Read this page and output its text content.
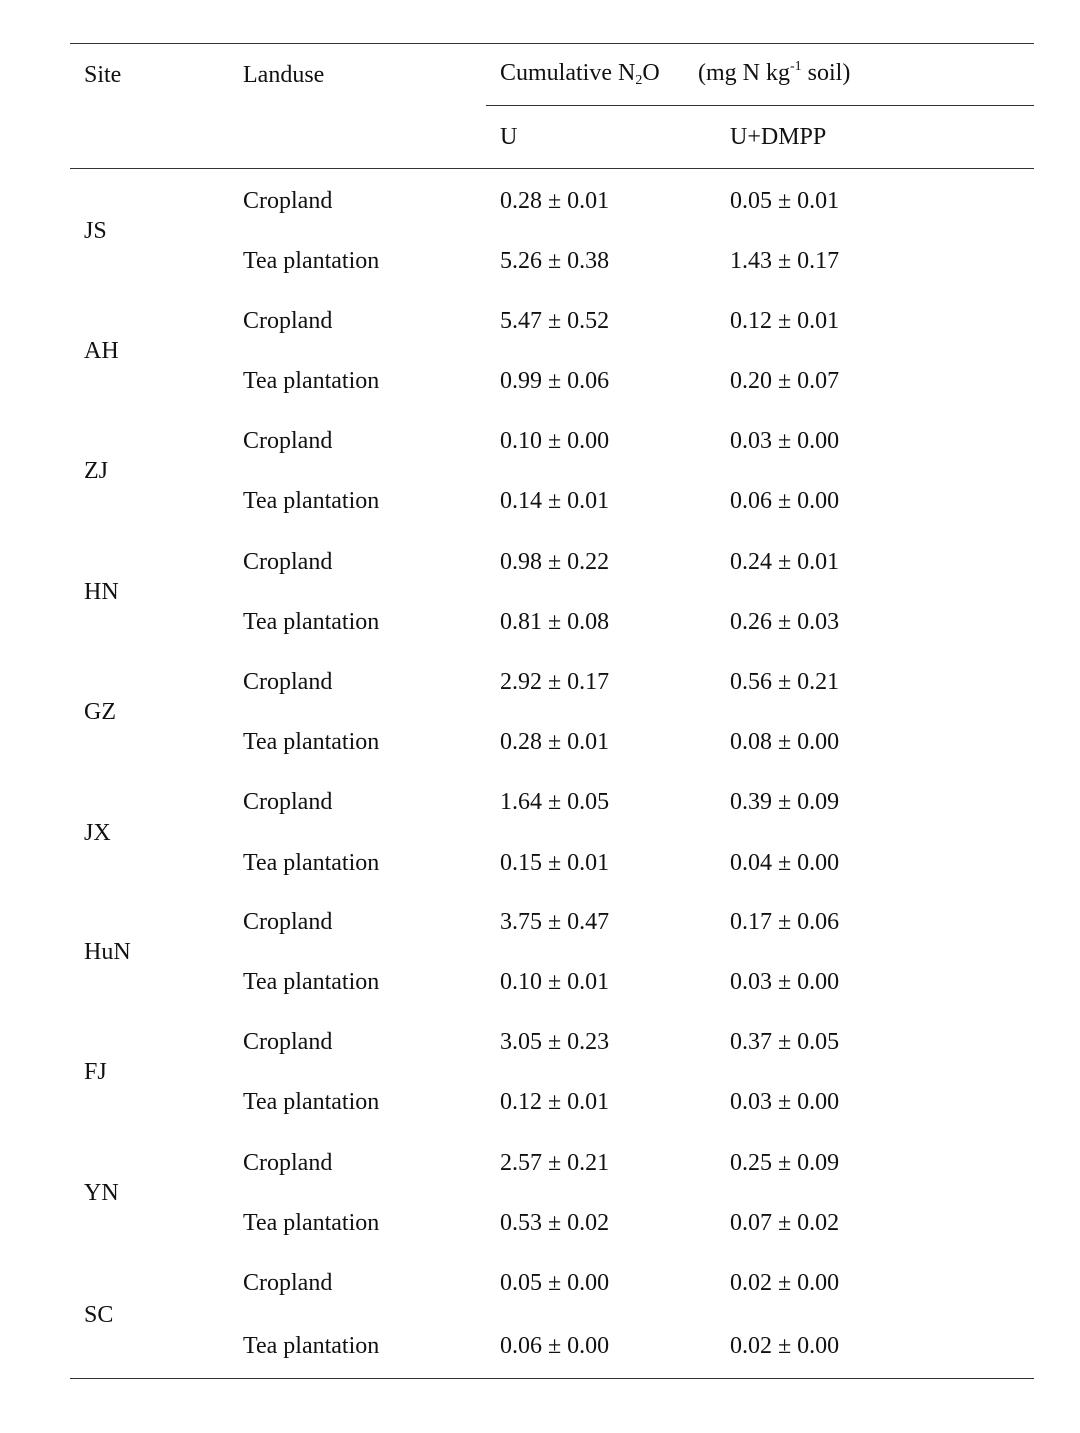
Site	Landuse	Cumulative $N_2O$ (mg N $kg^{-1}$ soil)
U	U+DMPP
JS
Cropland	0.28 ± 0.01	0.05 ± 0.01
Tea plantation	5.26 ± 0.38	1.43 ± 0.17
AH
Cropland	5.47 ± 0.52	0.12 ± 0.01
Tea plantation	0.99 ± 0.06	0.20 ± 0.07
ZJ
Cropland	0.10 ± 0.00	0.03 ± 0.00
Tea plantation	0.14 ± 0.01	0.06 ± 0.00
HN
Cropland	0.98 ± 0.22	0.24 ± 0.01
Tea plantation	0.81 ± 0.08	0.26 ± 0.03
GZ
Cropland	2.92 ± 0.17	0.56 ± 0.21
Tea plantation	0.28 ± 0.01	0.08 ± 0.00
JX
Cropland	1.64 ± 0.05	0.39 ± 0.09
Tea plantation	0.15 ± 0.01	0.04 ± 0.00
HuN
Cropland	3.75 ± 0.47	0.17 ± 0.06
Tea plantation	0.10 ± 0.01	0.03 ± 0.00
FJ
Cropland	3.05 ± 0.23	0.37 ± 0.05
Tea plantation	0.12 ± 0.01	0.03 ± 0.00
YN
Cropland	2.57 ± 0.21	0.25 ± 0.09
Tea plantation	0.53 ± 0.02	0.07 ± 0.02
SC
Cropland	0.05 ± 0.00	0.02 ± 0.00
Tea plantation	0.06 ± 0.00	0.02 ± 0.00
